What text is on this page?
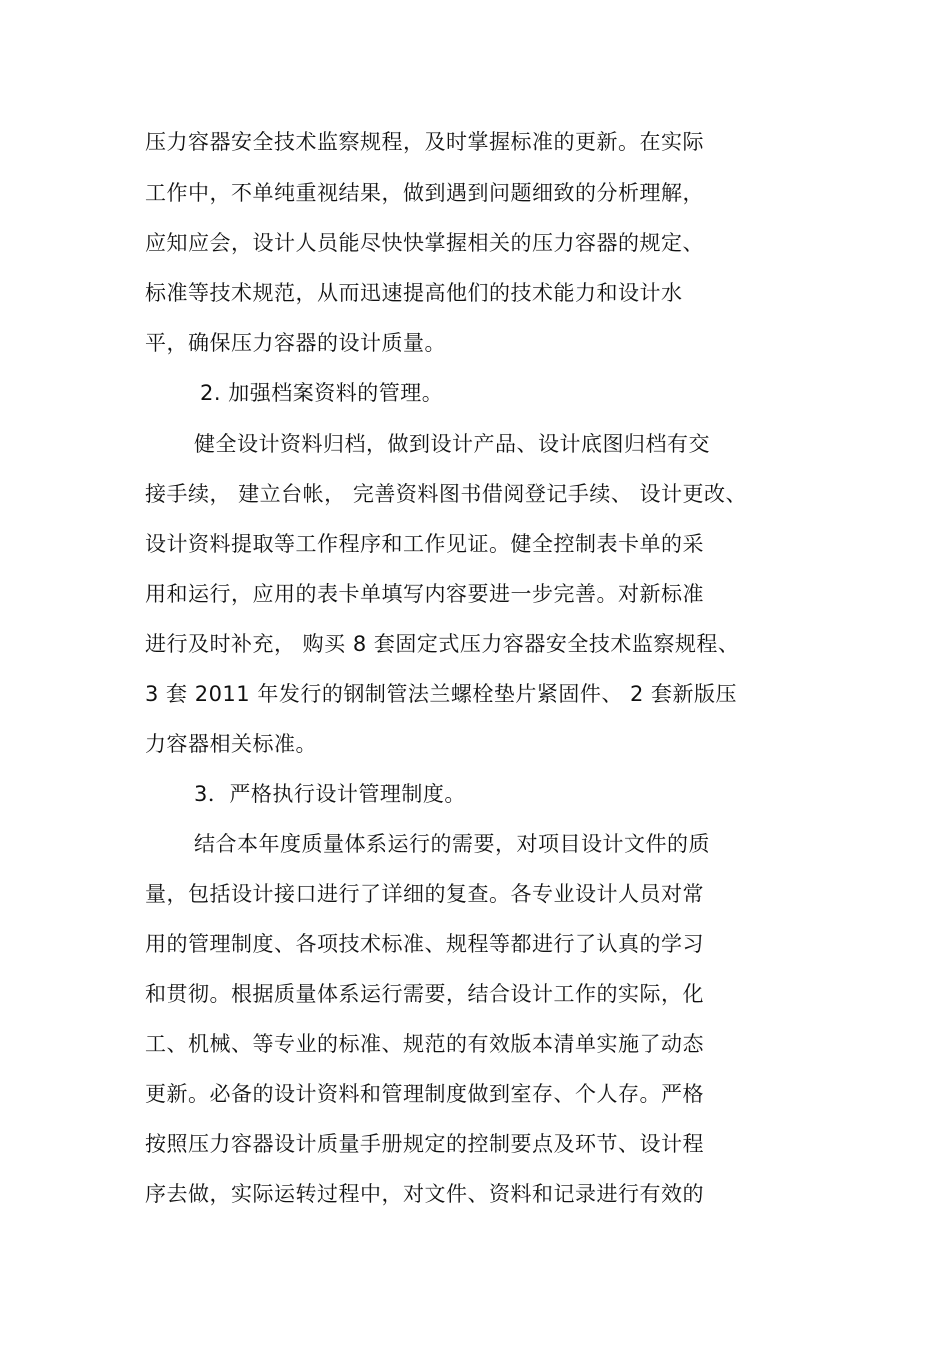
压力容器安全技术监察规程，及时掌握标准的更新。在实际
工作中，不单纯重视结果，做到遇到问题细致的分析理解，
应知应会，设计人员能尽快快掌握相关的压力容器的规定、
标准等技术规范，从而迅速提高他们的技术能力和设计水
平，确保压力容器的设计质量。
2. 加强档案资料的管理。
健全设计资料归档，做到设计产品、设计底图归档有交
接手续， 建立台帐， 完善资料图书借阅登记手续、 设计更改、
设计资料提取等工作程序和工作见证。健全控制表卡单的采
用和运行，应用的表卡单填写内容要进一步完善。对新标准
进行及时补充， 购买 8 套固定式压力容器安全技术监察规程、
3 套 2011 年发行的钢制管法兰螺栓垫片紧固件、 2 套新版压
力容器相关标准。
3．严格执行设计管理制度。
结合本年度质量体系运行的需要，对项目设计文件的质
量，包括设计接口进行了详细的复查。各专业设计人员对常
用的管理制度、各项技术标准、规程等都进行了认真的学习
和贯彻。根据质量体系运行需要，结合设计工作的实际，化
工、机械、等专业的标准、规范的有效版本清单实施了动态
更新。必备的设计资料和管理制度做到室存、个人存。严格
按照压力容器设计质量手册规定的控制要点及环节、设计程
序去做，实际运转过程中，对文件、资料和记录进行有效的
